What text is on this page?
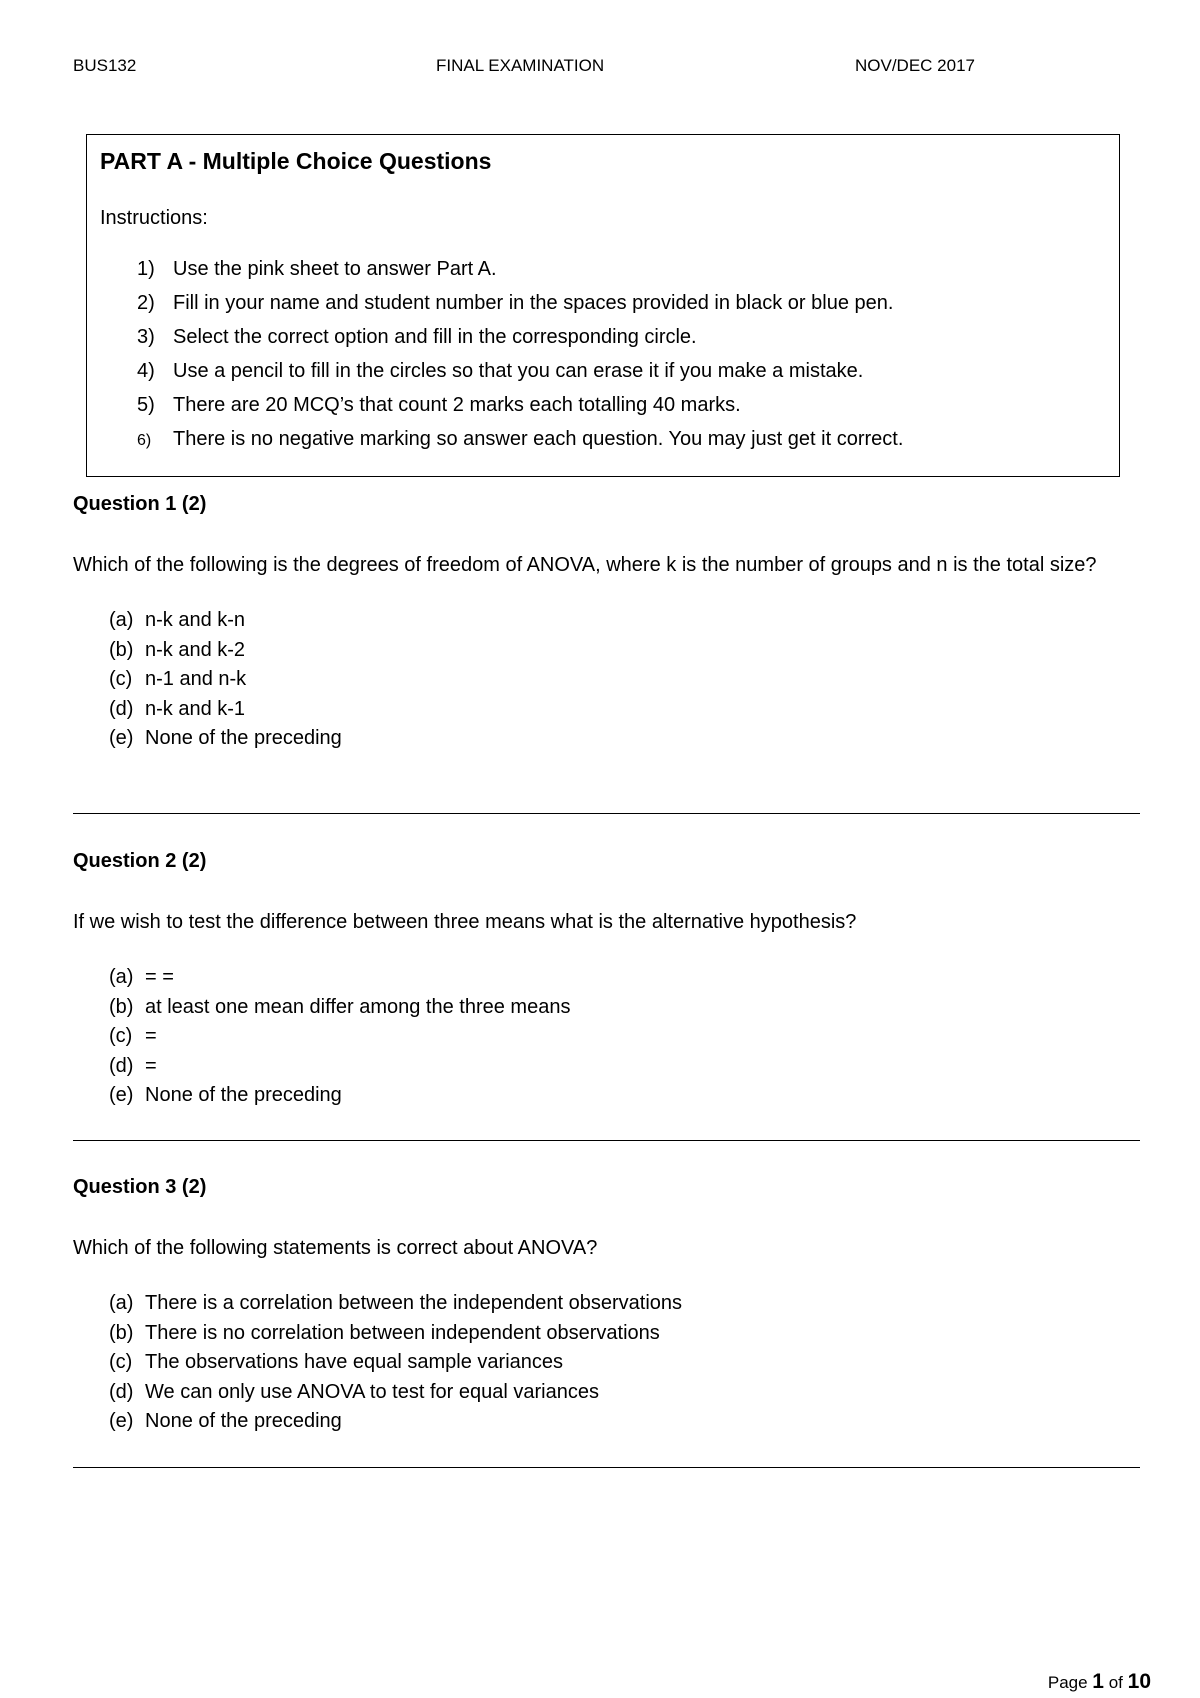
BUS132	FINAL EXAMINATION	NOV/DEC 2017
PART A - Multiple Choice Questions
Instructions:
1) Use the pink sheet to answer Part A.
2) Fill in your name and student number in the spaces provided in black or blue pen.
3) Select the correct option and fill in the corresponding circle.
4) Use a pencil to fill in the circles so that you can erase it if you make a mistake.
5) There are 20 MCQ’s that count 2 marks each totalling 40 marks.
6) There is no negative marking so answer each question. You may just get it correct.
Question 1 (2)
Which of the following is the degrees of freedom of ANOVA, where k is the number of groups and n is the total size?
(a) n-k and k-n
(b) n-k and k-2
(c) n-1 and n-k
(d) n-k and k-1
(e) None of the preceding
Question 2 (2)
If we wish to test the difference between three means what is the alternative hypothesis?
(a) = =
(b) at least one mean differ among the three means
(c) =
(d) =
(e) None of the preceding
Question 3 (2)
Which of the following statements is correct about ANOVA?
(a) There is a correlation between the independent observations
(b) There is no correlation between independent observations
(c) The observations have equal sample variances
(d) We can only use ANOVA to test for equal variances
(e) None of the preceding
Page 1 of 10
